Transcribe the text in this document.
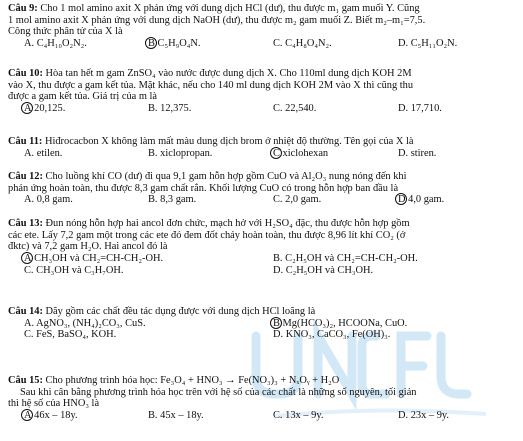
Câu 9: Cho 1 mol amino axit X phản ứng với dung dịch HCl (dư), thu được m₁ gam muối Y. Cũng
1 mol amino axit X phản ứng với dung dịch NaOH (dư), thu được m₂ gam muối Z. Biết m₂–m₁=7,5.
Công thức phân tử của X là
A. C₄H₁₀O₂N₂.	B C₅H₉O₄N.	C. C₄H₈O₄N₂.	D. C₅H₁₁O₂N.
Câu 10: Hòa tan hết m gam ZnSO₄ vào nước được dung dịch X. Cho 110ml dung dịch KOH 2M
vào X, thu được a gam kết tủa. Mặt khác, nếu cho 140 ml dung dịch KOH 2M vào X thì cũng thu
được a gam kết tủa. Giá trị của m là
A 20,125.	B. 12,375.	C. 22,540.	D. 17,710.
Câu 11: Hiđrocacbon X không làm mất màu dung dịch brom ở nhiệt độ thường. Tên gọi của X là
A. etilen.	B. xiclopropan.	C xiclohexan	D. stiren.
Câu 12: Cho luồng khí CO (dư) đi qua 9,1 gam hỗn hợp gồm CuO và Al₂O₃ nung nóng đến khi
phản ứng hoàn toàn, thu được 8,3 gam chất rắn. Khối lượng CuO có trong hỗn hợp ban đầu là
A. 0,8 gam.	B. 8,3 gam.	C. 2,0 gam.	D 4,0 gam.
Câu 13: Đun nóng hỗn hợp hai ancol đơn chức, mạch hở với H₂SO₄ đặc, thu được hỗn hợp gồm
các ete. Lấy 7,2 gam một trong các ete đó đem đốt cháy hoàn toàn, thu được 8,96 lít khí CO₂ (ở
đktc) và 7,2 gam H₂O. Hai ancol đó là
A CH₃OH và CH₂=CH-CH₂-OH.	B. C₂H₅OH và CH₂=CH-CH₂-OH.
C. CH₃OH và C₃H₇OH.	D. C₂H₅OH và CH₃OH.
Câu 14: Dãy gồm các chất đều tác dụng được với dung dịch HCl loãng là
A. AgNO₃, (NH₄)₂CO₃, CuS.	B Mg(HCO₃)₂, HCOONa, CuO.
C. FeS, BaSO₄, KOH.	D. KNO₃, CaCO₃, Fe(OH)₃.
Câu 15: Cho phương trình hóa học: Fe₃O₄ + HNO₃ → Fe(NO₃)₃ + NₓOᵧ + H₂O
Sau khi cân bằng phương trình hóa học trên với hệ số của các chất là những số nguyên, tối giản
thì hệ số của HNO₃ là
A 46x – 18y.	B. 45x – 18y.	C. 13x – 9y.	D. 23x – 9y.
